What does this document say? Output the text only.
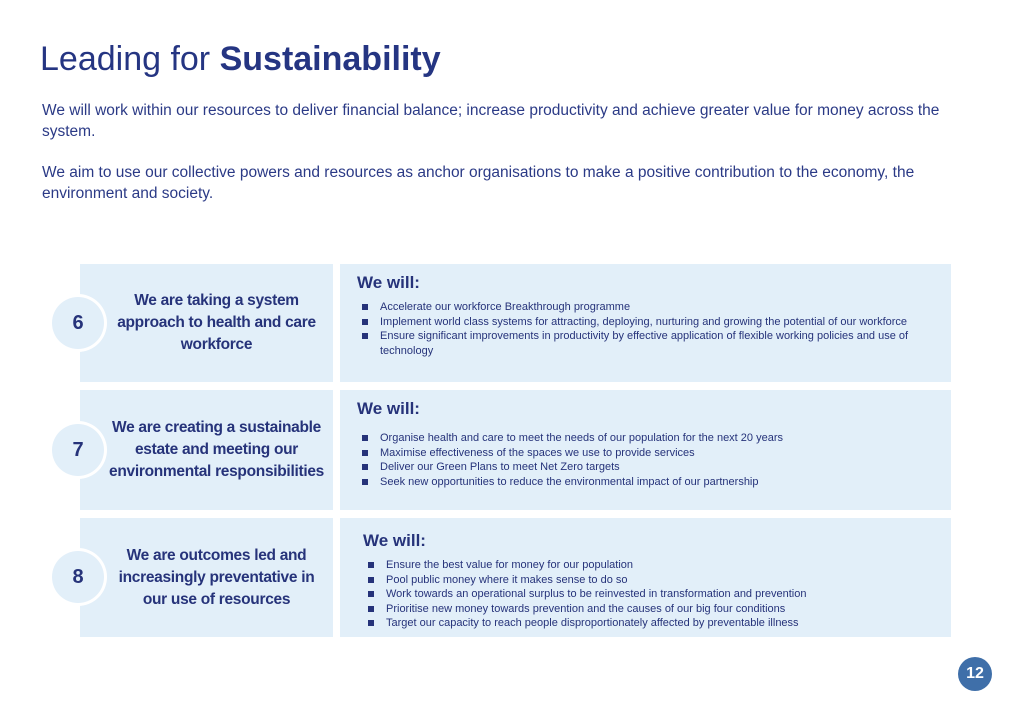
Leading for Sustainability

We will work within our resources to deliver financial balance; increase productivity and achieve greater value for money across the system.

We aim to use our collective powers and resources as anchor organisations to make a positive contribution to the economy, the environment and society.

We are taking a system approach to health and care workforce
6
We will:
Accelerate our workforce Breakthrough programme
Implement world class systems for attracting, deploying, nurturing and growing the potential of our workforce
Ensure significant improvements in productivity by effective application of flexible working policies and use of technology
We are creating a sustainable estate and meeting our environmental responsibilities
7
We will:
Organise health and care to meet the needs of our population for the next 20 years
Maximise effectiveness of the spaces we use to provide services
Deliver our Green Plans to meet Net Zero targets
Seek new opportunities to reduce the environmental impact of our partnership
We are outcomes led and increasingly preventative in our use of resources
8
We will:
Ensure the best value for money for our population
Pool public money where it makes sense to do so
Work towards an operational surplus to be reinvested in transformation and prevention
Prioritise new money towards prevention and the causes of our big four conditions
Target our capacity to reach people disproportionately affected by preventable illness
12
